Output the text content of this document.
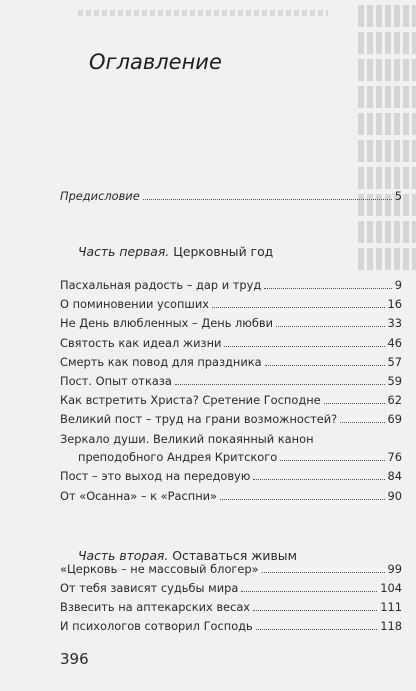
Оглавление
Предисловие	5
Часть первая. Церковный год
Пасхальная радость – дар и труд	9
О поминовении усопших	16
Не День влюбленных – День любви	33
Святость как идеал жизни	46
Смерть как повод для праздника	57
Пост. Опыт отказа	59
Как встретить Христа? Сретение Господне	62
Великий пост – труд на грани возможностей?	69
Зеркало души. Великий покаянный канон
преподобного Андрея Критского	76
Пост – это выход на передовую	84
От «Осанна» – к «Распни»	90
Часть вторая. Оставаться живым
«Церковь – не массовый блогер»	99
От тебя зависят судьбы мира	104
Взвесить на аптекарских весах	111
И психологов сотворил Господь	118
396
